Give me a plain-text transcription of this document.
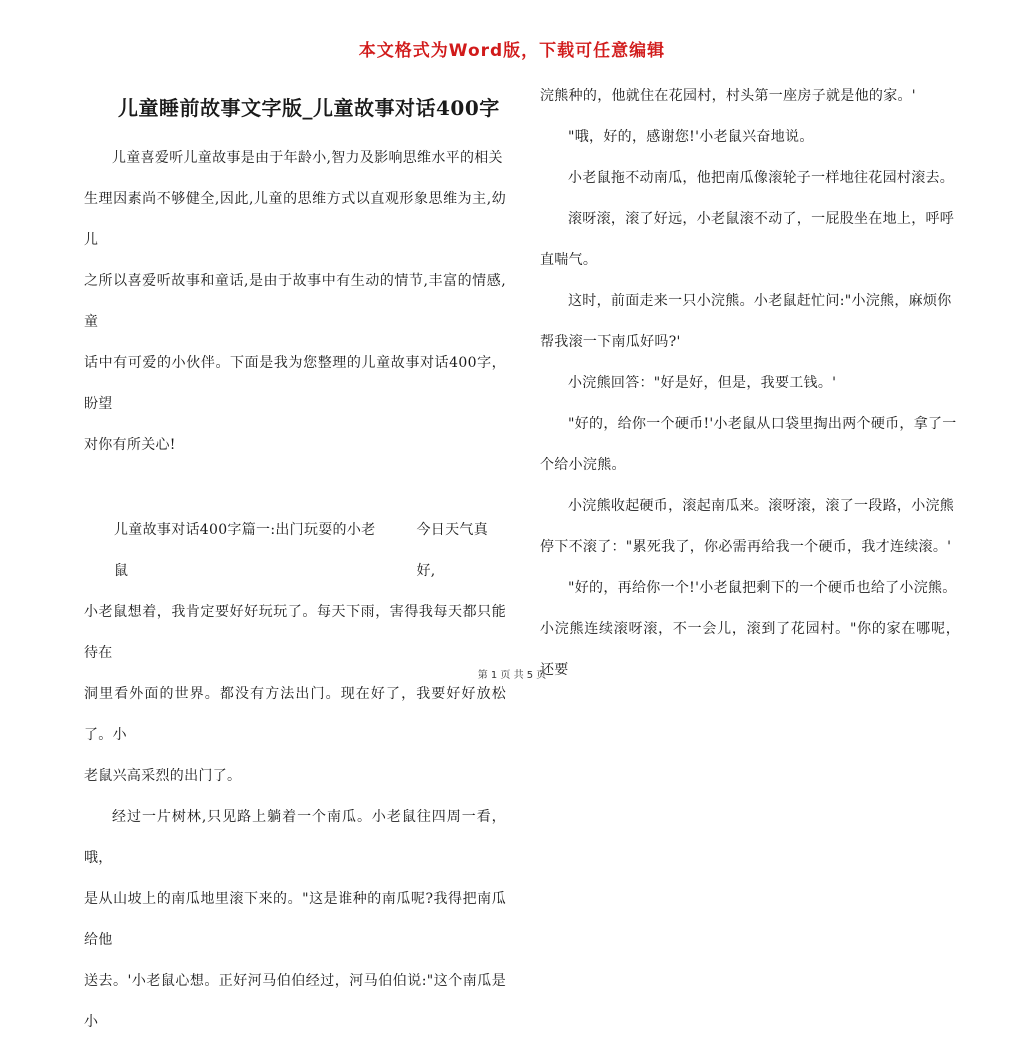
本文格式为Word版，下载可任意编辑
儿童睡前故事文字版_儿童故事对话400字

儿童喜爱听儿童故事是由于年龄小,智力及影响思维水平的相关

生理因素尚不够健全,因此,儿童的思维方式以直观形象思维为主,幼儿

之所以喜爱听故事和童话,是由于故事中有生动的情节,丰富的情感,童

话中有可爱的小伙伴。下面是我为您整理的儿童故事对话400字，盼望

对你有所关心!

儿童故事对话400字篇一:出门玩耍的小老鼠
今日天气真好,

小老鼠想着，我肯定要好好玩玩了。每天下雨，害得我每天都只能待在

洞里看外面的世界。都没有方法出门。现在好了，我要好好放松了。小

老鼠兴高采烈的出门了。

经过一片树林,只见路上躺着一个南瓜。小老鼠往四周一看，哦，

是从山坡上的南瓜地里滚下来的。"这是谁种的南瓜呢?我得把南瓜给他

送去。'小老鼠心想。正好河马伯伯经过，河马伯伯说:"这个南瓜是小

浣熊种的，他就住在花园村，村头第一座房子就是他的家。'

"哦，好的，感谢您!'小老鼠兴奋地说。

小老鼠拖不动南瓜，他把南瓜像滚轮子一样地往花园村滚去。

滚呀滚，滚了好远，小老鼠滚不动了，一屁股坐在地上，呼呼

直喘气。

这时，前面走来一只小浣熊。小老鼠赶忙问:"小浣熊，麻烦你

帮我滚一下南瓜好吗?'

小浣熊回答："好是好，但是，我要工钱。'

"好的，给你一个硬币!'小老鼠从口袋里掏出两个硬币，拿了一

个给小浣熊。

小浣熊收起硬币，滚起南瓜来。滚呀滚，滚了一段路，小浣熊

停下不滚了："累死我了，你必需再给我一个硬币，我才连续滚。'

"好的，再给你一个!'小老鼠把剩下的一个硬币也给了小浣熊。

小浣熊连续滚呀滚，不一会儿，滚到了花园村。"你的家在哪呢，还要

第 1 页 共 5 页
